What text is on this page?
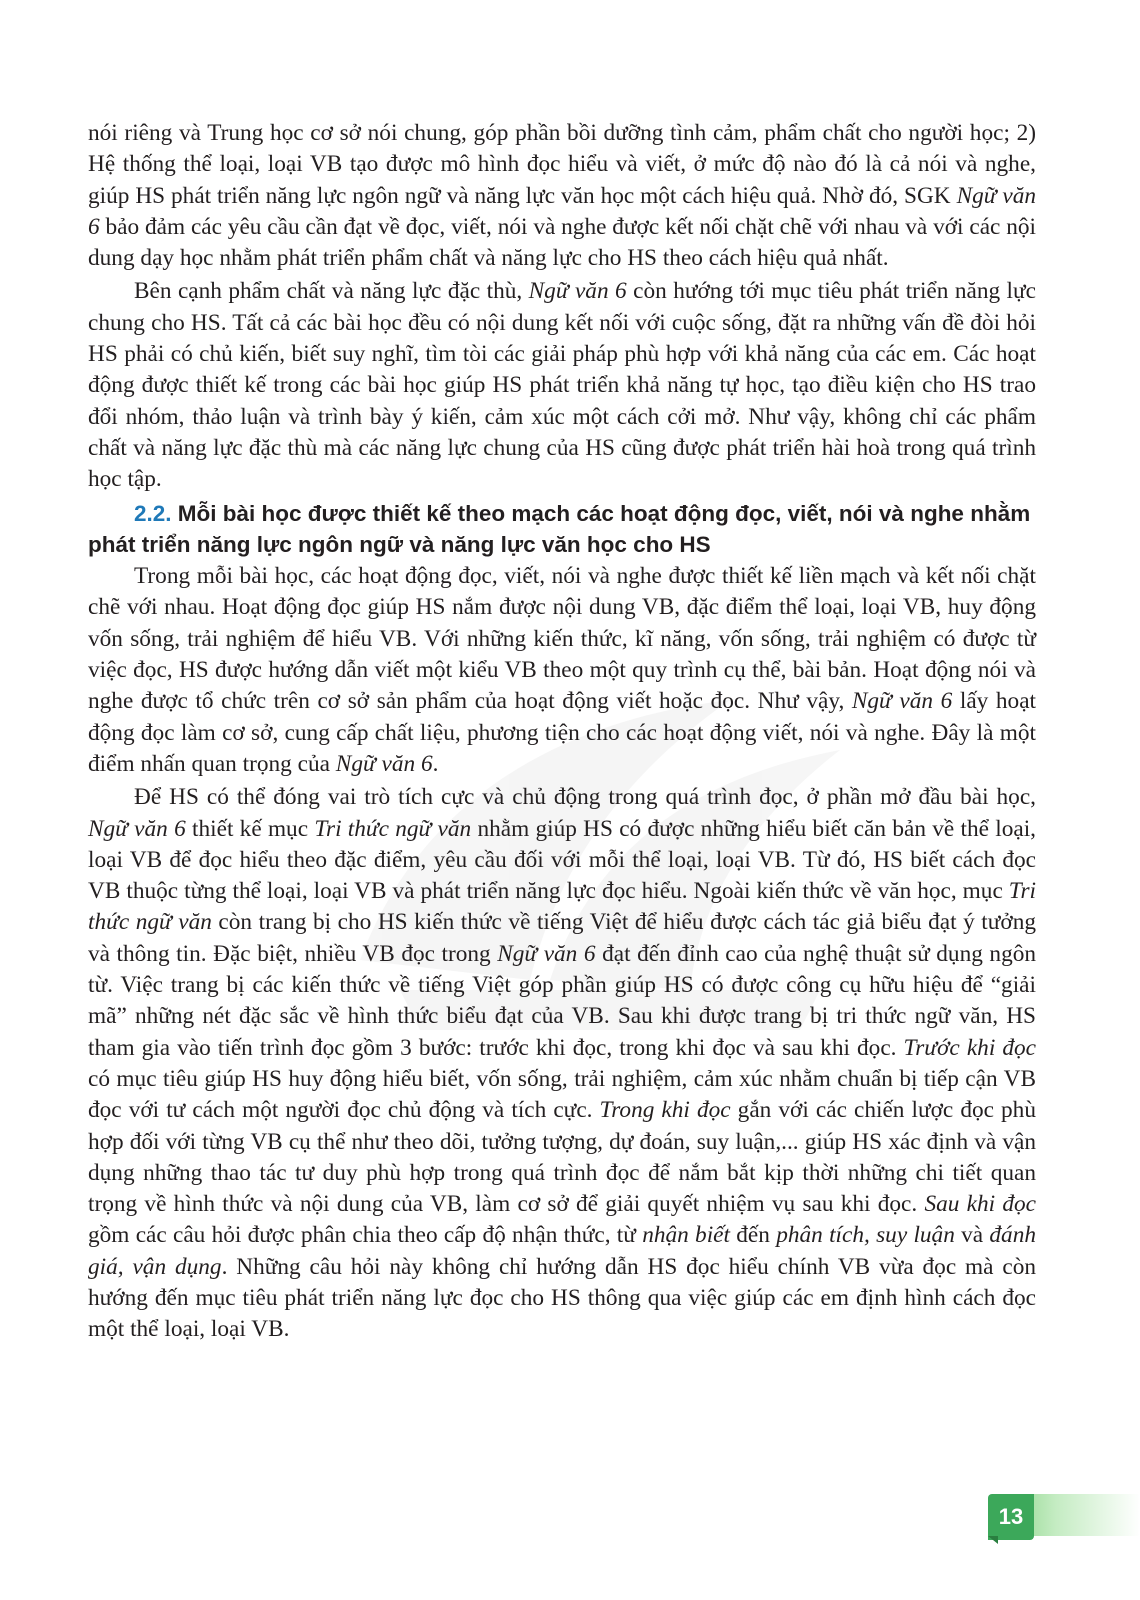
nói riêng và Trung học cơ sở nói chung, góp phần bồi dưỡng tình cảm, phẩm chất cho người học; 2) Hệ thống thể loại, loại VB tạo được mô hình đọc hiểu và viết, ở mức độ nào đó là cả nói và nghe, giúp HS phát triển năng lực ngôn ngữ và năng lực văn học một cách hiệu quả. Nhờ đó, SGK Ngữ văn 6 bảo đảm các yêu cầu cần đạt về đọc, viết, nói và nghe được kết nối chặt chẽ với nhau và với các nội dung dạy học nhằm phát triển phẩm chất và năng lực cho HS theo cách hiệu quả nhất.

Bên cạnh phẩm chất và năng lực đặc thù, Ngữ văn 6 còn hướng tới mục tiêu phát triển năng lực chung cho HS. Tất cả các bài học đều có nội dung kết nối với cuộc sống, đặt ra những vấn đề đòi hỏi HS phải có chủ kiến, biết suy nghĩ, tìm tòi các giải pháp phù hợp với khả năng của các em. Các hoạt động được thiết kế trong các bài học giúp HS phát triển khả năng tự học, tạo điều kiện cho HS trao đổi nhóm, thảo luận và trình bày ý kiến, cảm xúc một cách cởi mở. Như vậy, không chỉ các phẩm chất và năng lực đặc thù mà các năng lực chung của HS cũng được phát triển hài hoà trong quá trình học tập.

2.2. Mỗi bài học được thiết kế theo mạch các hoạt động đọc, viết, nói và nghe nhằm phát triển năng lực ngôn ngữ và năng lực văn học cho HS

Trong mỗi bài học, các hoạt động đọc, viết, nói và nghe được thiết kế liền mạch và kết nối chặt chẽ với nhau. Hoạt động đọc giúp HS nắm được nội dung VB, đặc điểm thể loại, loại VB, huy động vốn sống, trải nghiệm để hiểu VB. Với những kiến thức, kĩ năng, vốn sống, trải nghiệm có được từ việc đọc, HS được hướng dẫn viết một kiểu VB theo một quy trình cụ thể, bài bản. Hoạt động nói và nghe được tổ chức trên cơ sở sản phẩm của hoạt động viết hoặc đọc. Như vậy, Ngữ văn 6 lấy hoạt động đọc làm cơ sở, cung cấp chất liệu, phương tiện cho các hoạt động viết, nói và nghe. Đây là một điểm nhấn quan trọng của Ngữ văn 6.

Để HS có thể đóng vai trò tích cực và chủ động trong quá trình đọc, ở phần mở đầu bài học, Ngữ văn 6 thiết kế mục Tri thức ngữ văn nhằm giúp HS có được những hiểu biết căn bản về thể loại, loại VB để đọc hiểu theo đặc điểm, yêu cầu đối với mỗi thể loại, loại VB. Từ đó, HS biết cách đọc VB thuộc từng thể loại, loại VB và phát triển năng lực đọc hiểu. Ngoài kiến thức về văn học, mục Tri thức ngữ văn còn trang bị cho HS kiến thức về tiếng Việt để hiểu được cách tác giả biểu đạt ý tưởng và thông tin. Đặc biệt, nhiều VB đọc trong Ngữ văn 6 đạt đến đỉnh cao của nghệ thuật sử dụng ngôn từ. Việc trang bị các kiến thức về tiếng Việt góp phần giúp HS có được công cụ hữu hiệu để “giải mã” những nét đặc sắc về hình thức biểu đạt của VB. Sau khi được trang bị tri thức ngữ văn, HS tham gia vào tiến trình đọc gồm 3 bước: trước khi đọc, trong khi đọc và sau khi đọc. Trước khi đọc có mục tiêu giúp HS huy động hiểu biết, vốn sống, trải nghiệm, cảm xúc nhằm chuẩn bị tiếp cận VB đọc với tư cách một người đọc chủ động và tích cực. Trong khi đọc gắn với các chiến lược đọc phù hợp đối với từng VB cụ thể như theo dõi, tưởng tượng, dự đoán, suy luận,... giúp HS xác định và vận dụng những thao tác tư duy phù hợp trong quá trình đọc để nắm bắt kịp thời những chi tiết quan trọng về hình thức và nội dung của VB, làm cơ sở để giải quyết nhiệm vụ sau khi đọc. Sau khi đọc gồm các câu hỏi được phân chia theo cấp độ nhận thức, từ nhận biết đến phân tích, suy luận và đánh giá, vận dụng. Những câu hỏi này không chỉ hướng dẫn HS đọc hiểu chính VB vừa đọc mà còn hướng đến mục tiêu phát triển năng lực đọc cho HS thông qua việc giúp các em định hình cách đọc một thể loại, loại VB.

13
